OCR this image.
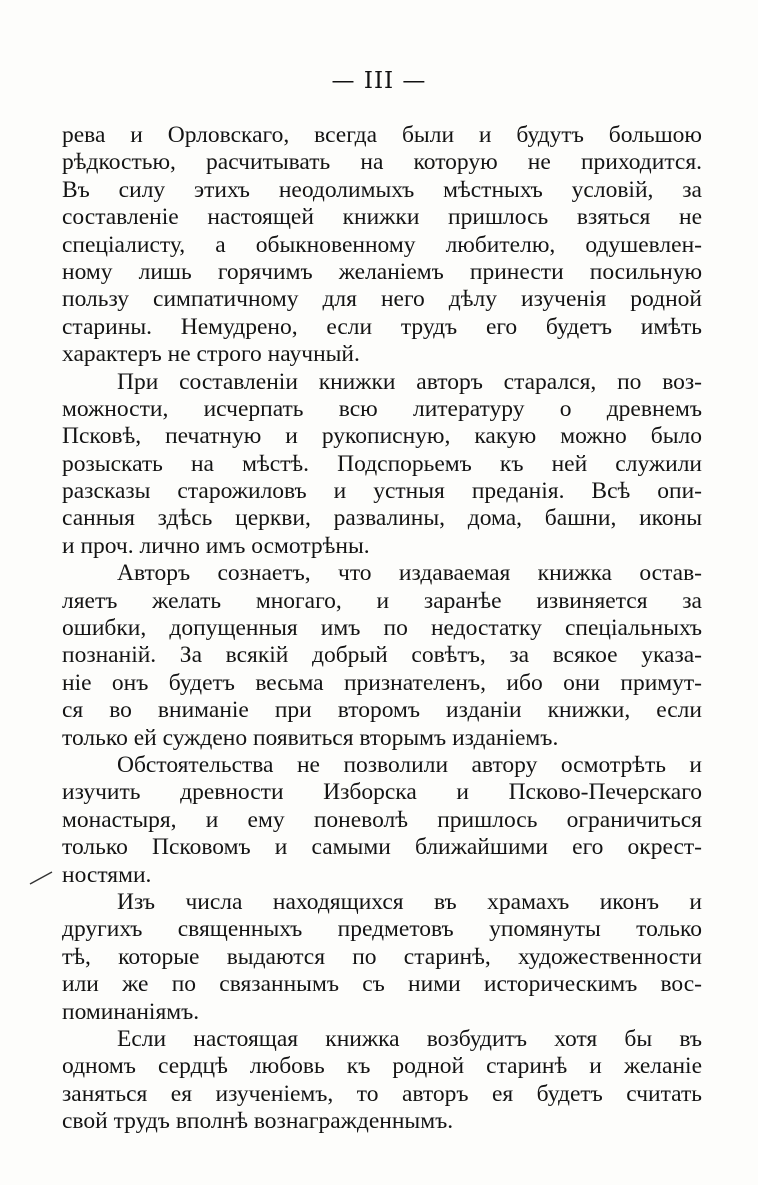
— III —
рева и Орловскаго, всегда были и будутъ большою
рѣдкостью, расчитывать на которую не приходится.
Въ силу этихъ неодолимыхъ мѣстныхъ условій, за
составленіе настоящей книжки пришлось взяться не
спеціалисту, а обыкновенному любителю, одушевлен-
ному лишь горячимъ желаніемъ принести посильную
пользу симпатичному для него дѣлу изученія родной
старины. Немудрено, если трудъ его будетъ имѣть
характеръ не строго научный.
При составленіи книжки авторъ старался, по воз-
можности, исчерпать всю литературу о древнемъ
Псковѣ, печатную и рукописную, какую можно было
розыскать на мѣстѣ. Подспорьемъ къ ней служили
разсказы старожиловъ и устныя преданія. Всѣ опи-
санныя здѣсь церкви, развалины, дома, башни, иконы
и проч. лично имъ осмотрѣны.
Авторъ сознаетъ, что издаваемая книжка остав-
ляетъ желать многаго, и заранѣе извиняется за
ошибки, допущенныя имъ по недостатку спеціальныхъ
познаній. За всякій добрый совѣтъ, за всякое указа-
ніе онъ будетъ весьма признателенъ, ибо они примут-
ся во вниманіе при второмъ изданіи книжки, если
только ей суждено появиться вторымъ изданіемъ.
Обстоятельства не позволили автору осмотрѣть и
изучить древности Изборска и Псково-Печерскаго
монастыря, и ему поневолѣ пришлось ограничиться
только Псковомъ и самыми ближайшими его окрест-
ностями.
Изъ числа находящихся въ храмахъ иконъ и
другихъ священныхъ предметовъ упомянуты только
тѣ, которые выдаются по старинѣ, художественности
или же по связаннымъ съ ними историческимъ вос-
поминаніямъ.
Если настоящая книжка возбудитъ хотя бы въ
одномъ сердцѣ любовь къ родной старинѣ и желаніе
заняться ея изученіемъ, то авторъ ея будетъ считать
свой трудъ вполнѣ вознагражденнымъ.
